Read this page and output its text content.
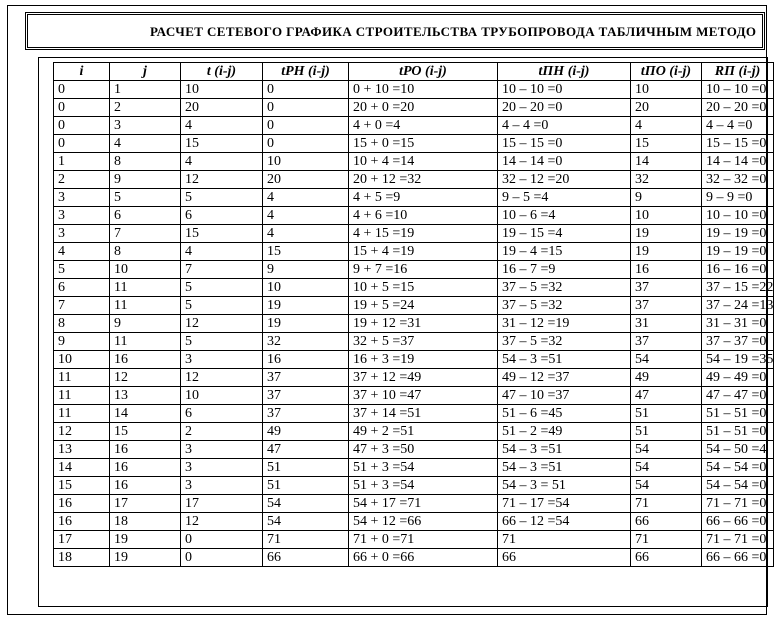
РАСЧЕТ СЕТЕВОГО ГРАФИКА СТРОИТЕЛЬСТВА ТРУБОПРОВОДА ТАБЛИЧНЫМ МЕТОДО
i	j	t (i-j)	tРН (i-j)	tРО (i-j)	tПН (i-j)	tПО (i-j)	RП (i-j)
0	1	10	0	0 + 10 =10	10 – 10 =0	10	10 – 10 =0
0	2	20	0	20 + 0 =20	20 – 20 =0	20	20 – 20 =0
0	3	4	0	4 + 0 =4	4 – 4 =0	4	4 – 4 =0
0	4	15	0	15 + 0 =15	15 – 15 =0	15	15 – 15 =0
1	8	4	10	10 + 4 =14	14 – 14 =0	14	14 – 14 =0
2	9	12	20	20 + 12 =32	32 – 12 =20	32	32 – 32 =0
3	5	5	4	4 + 5 =9	9 – 5 =4	9	9 – 9 =0
3	6	6	4	4 + 6 =10	10 – 6 =4	10	10 – 10 =0
3	7	15	4	4 + 15 =19	19 – 15 =4	19	19 – 19 =0
4	8	4	15	15 + 4 =19	19 – 4 =15	19	19 – 19 =0
5	10	7	9	9 + 7 =16	16 – 7 =9	16	16 – 16 =0
6	11	5	10	10 + 5 =15	37 – 5 =32	37	37 – 15 =22
7	11	5	19	19 + 5 =24	37 – 5 =32	37	37 – 24 =13
8	9	12	19	19 + 12 =31	31 – 12 =19	31	31 – 31 =0
9	11	5	32	32 + 5 =37	37 – 5 =32	37	37 – 37 =0
10	16	3	16	16 + 3 =19	54 – 3 =51	54	54 – 19 =35
11	12	12	37	37 + 12 =49	49 – 12 =37	49	49 – 49 =0
11	13	10	37	37 + 10 =47	47 – 10 =37	47	47 – 47 =0
11	14	6	37	37 + 14 =51	51 – 6 =45	51	51 – 51 =0
12	15	2	49	49 + 2 =51	51 – 2 =49	51	51 – 51 =0
13	16	3	47	47 + 3 =50	54 – 3 =51	54	54 – 50 =4
14	16	3	51	51 + 3 =54	54 – 3 =51	54	54 – 54 =0
15	16	3	51	51 + 3 =54	54 – 3 = 51	54	54 – 54 =0
16	17	17	54	54 + 17 =71	71 – 17 =54	71	71 – 71 =0
16	18	12	54	54 + 12 =66	66 – 12 =54	66	66 – 66 =0
17	19	0	71	71 + 0 =71	71	71	71 – 71 =0
18	19	0	66	66 + 0 =66	66	66	66 – 66 =0
